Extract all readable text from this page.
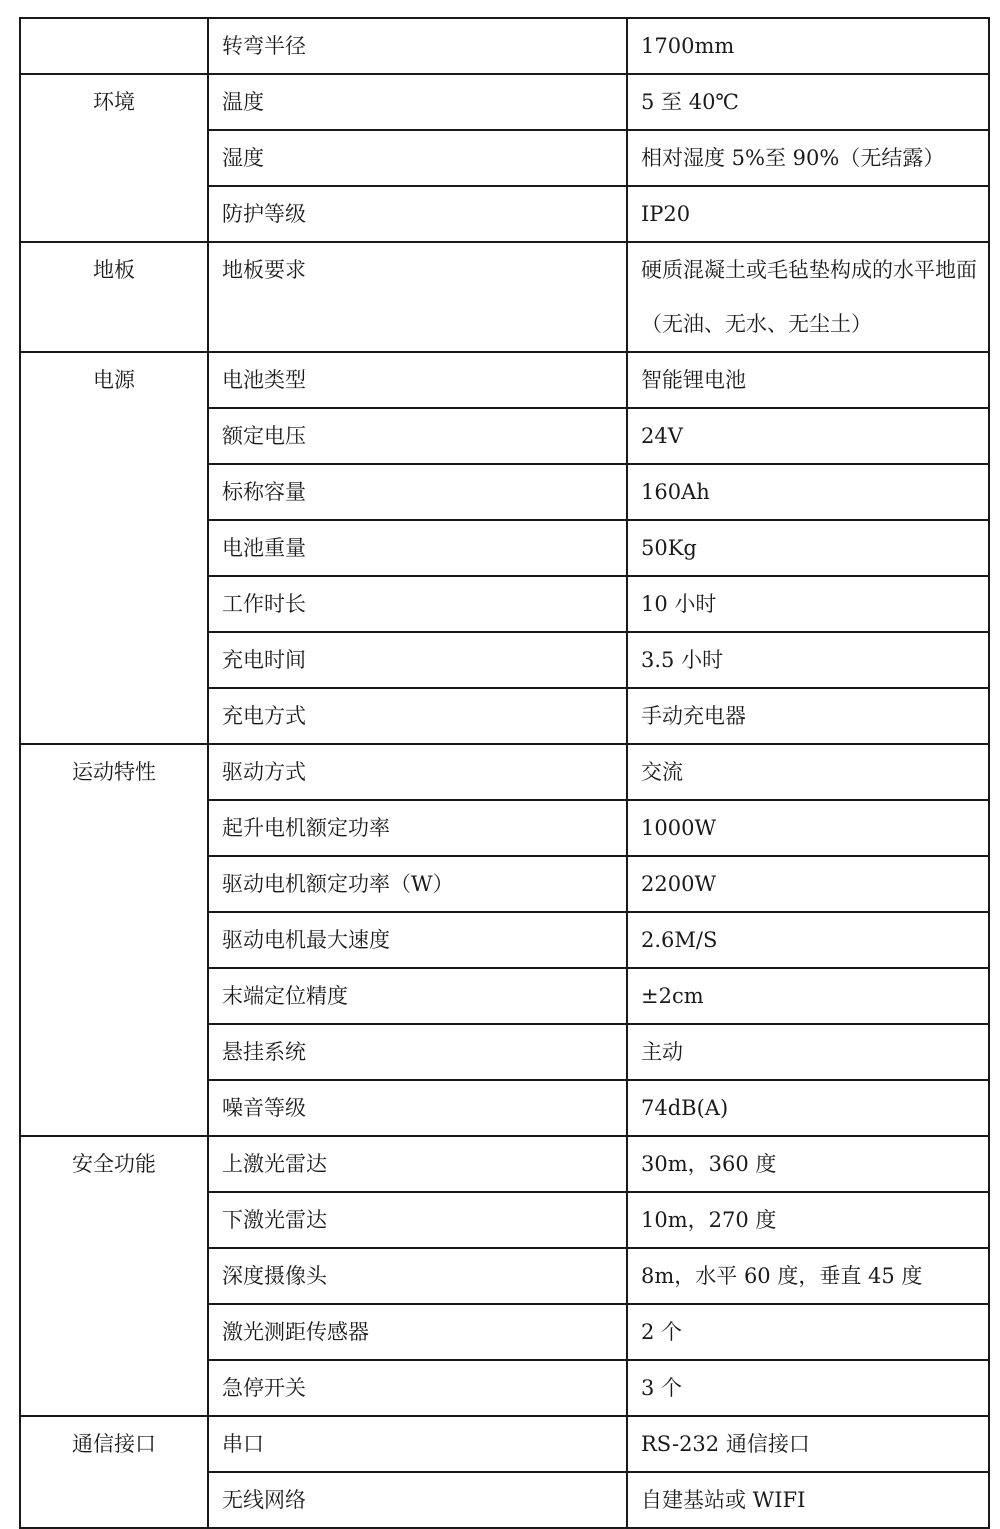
	转弯半径	1700mm
环境	温度	5 至 40℃
	湿度	相对湿度 5%至 90%（无结露）
	防护等级	IP20
地板	地板要求	硬质混凝土或毛毡垫构成的水平地面（无油、无水、无尘土）
电源	电池类型	智能锂电池
	额定电压	24V
	标称容量	160Ah
	电池重量	50Kg
	工作时长	10 小时
	充电时间	3.5 小时
	充电方式	手动充电器
运动特性	驱动方式	交流
	起升电机额定功率	1000W
	驱动电机额定功率（W）	2200W
	驱动电机最大速度	2.6M/S
	末端定位精度	±2cm
	悬挂系统	主动
	噪音等级	74dB(A)
安全功能	上激光雷达	30m，360 度
	下激光雷达	10m，270 度
	深度摄像头	8m，水平 60 度，垂直 45 度
	激光测距传感器	2 个
	急停开关	3 个
通信接口	串口	RS-232 通信接口
	无线网络	自建基站或 WIFI
